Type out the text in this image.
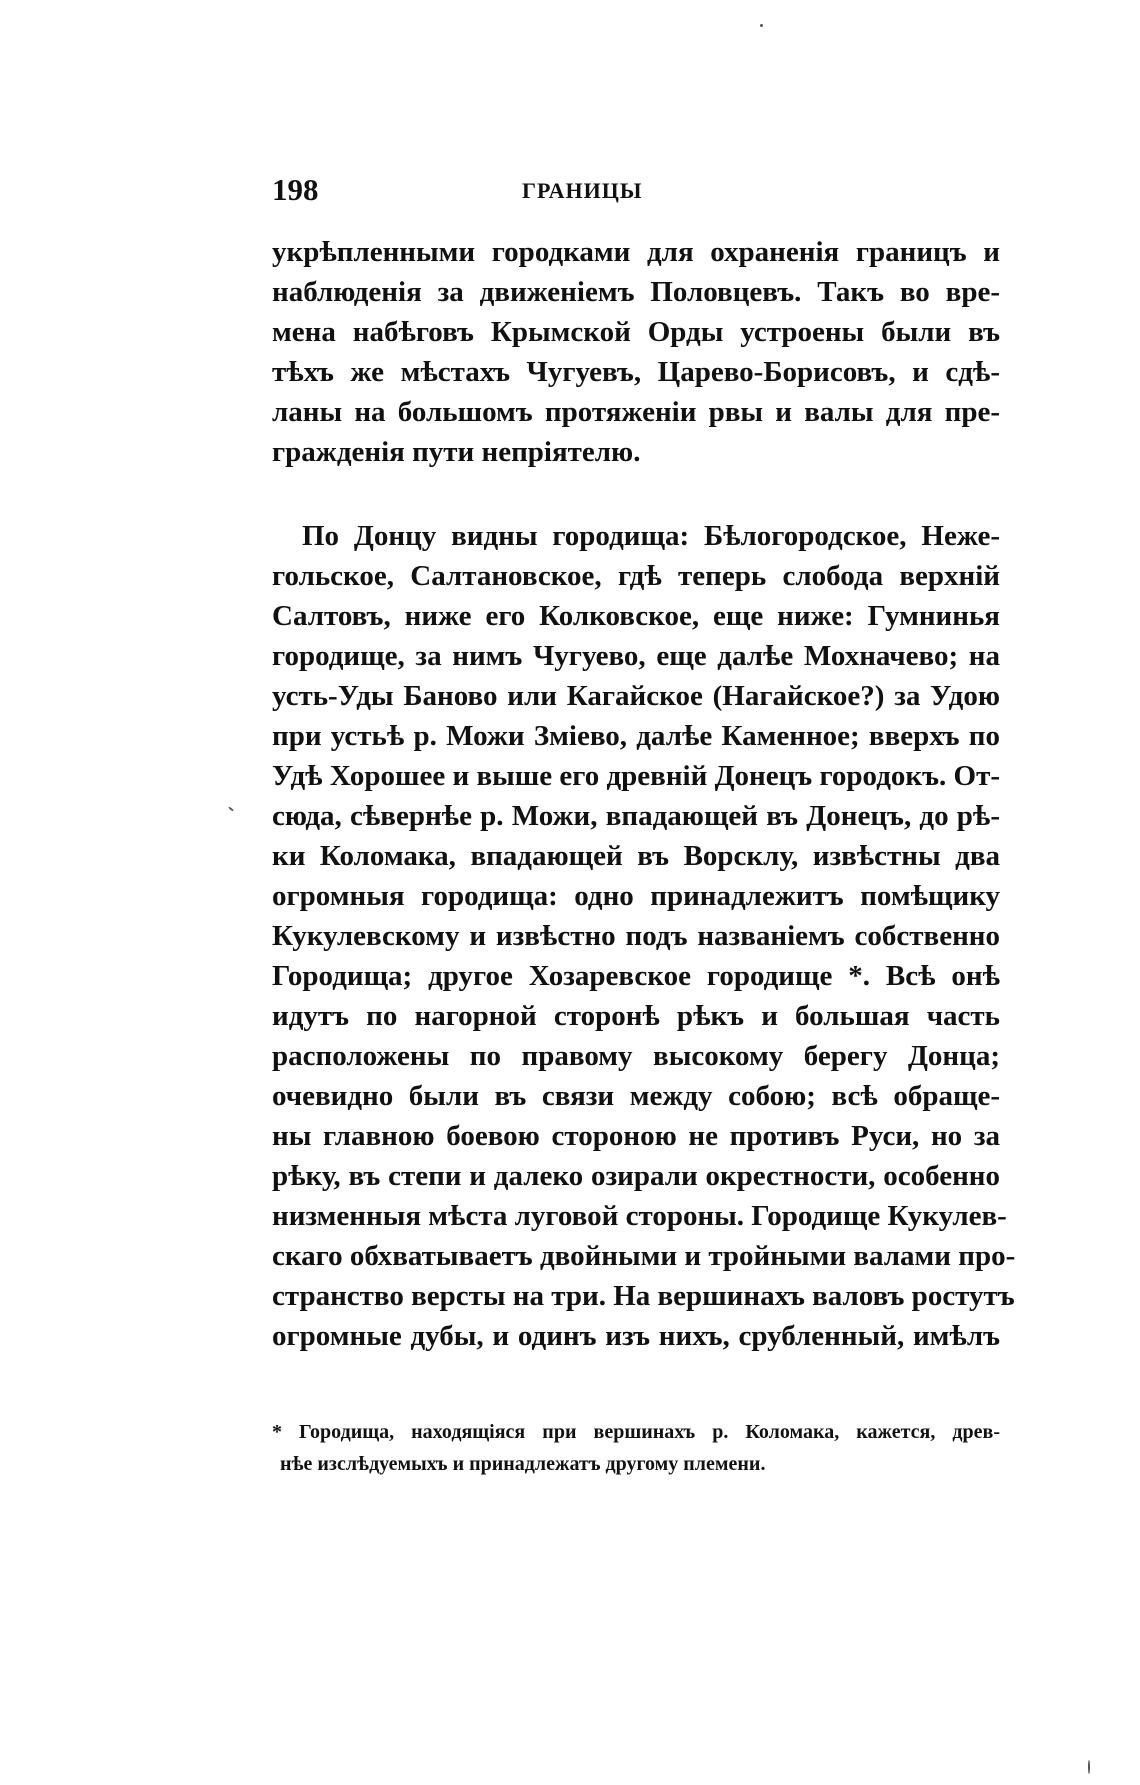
198	ГРАНИЦЫ
укрѣпленными городками для охраненія границъ и
наблюденія за движеніемъ Половцевъ. Такъ во вре-
мена набѣговъ Крымской Орды устроены были въ
тѣхъ же мѣстахъ Чугуевъ, Царево-Борисовъ, и сдѣ-
ланы на большомъ протяженіи рвы и валы для пре-
гражденія пути непріятелю.
По Донцу видны городища: Бѣлогородское, Неже-
гольское, Салтановское, гдѣ теперь слобода верхній
Салтовъ, ниже его Колковское, еще ниже: Гумнинья
городище, за нимъ Чугуево, еще далѣе Мохначево; на
усть-Уды Баново или Кагайское (Нагайское?) за Удою
при устьѣ р. Можи Зміево, далѣе Каменное; вверхъ по
Удѣ Хорошее и выше его древній Донецъ городокъ. От-
сюда, сѣвернѣе р. Можи, впадающей въ Донецъ, до рѣ-
ки Коломака, впадающей въ Ворсклу, извѣстны два
огромныя городища: одно принадлежитъ помѣщику
Кукулевскому и извѣстно подъ названіемъ собственно
Городища; другое Хозаревское городище *. Всѣ онѣ
идутъ по нагорной сторонѣ рѣкъ и большая часть
расположены по правому высокому берегу Донца;
очевидно были въ связи между собою; всѣ обраще-
ны главною боевою стороною не противъ Руси, но за
рѣку, въ степи и далеко озирали окрестности, особенно
низменныя мѣста луговой стороны. Городище Кукулев-
скаго обхватываетъ двойными и тройными валами про-
странство версты на три. На вершинахъ валовъ ростутъ
огромные дубы, и одинъ изъ нихъ, срубленный, имѣлъ
* Городища, находящіяся при вершинахъ р. Коломака, кажется, древ-
нѣе изслѣдуемыхъ и принадлежатъ другому племени.
